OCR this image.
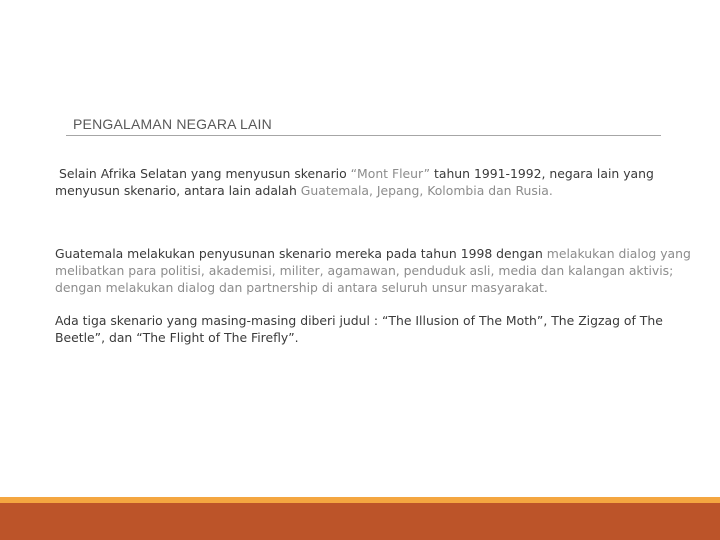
PENGALAMAN NEGARA LAIN
Selain Afrika Selatan yang menyusun skenario “Mont Fleur” tahun 1991-1992, negara lain yang menyusun skenario, antara lain adalah Guatemala, Jepang, Kolombia dan Rusia.
Guatemala melakukan penyusunan skenario mereka pada tahun 1998 dengan melakukan dialog yang melibatkan para politisi, akademisi, militer, agamawan, penduduk asli, media dan kalangan aktivis; dengan melakukan dialog dan partnership di antara seluruh unsur masyarakat.
Ada tiga skenario yang masing-masing diberi judul : “The Illusion of The Moth”, The Zigzag of The Beetle”, dan “The Flight of The Firefly”.
